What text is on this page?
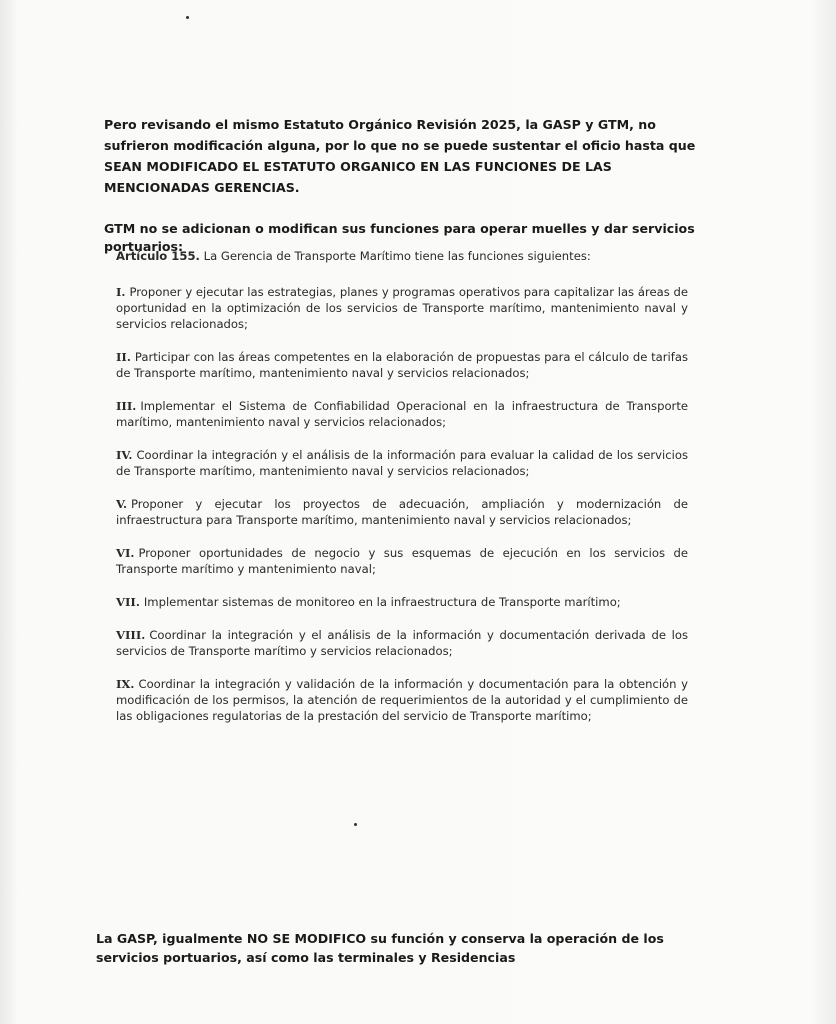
Pero revisando el mismo Estatuto Orgánico Revisión 2025, la GASP y GTM, no sufrieron modificación alguna, por lo que no se puede sustentar el oficio hasta que SEAN MODIFICADO EL ESTATUTO ORGANICO EN LAS FUNCIONES DE LAS MENCIONADAS GERENCIAS.
GTM no se adicionan o modifican sus funciones para operar muelles y dar servicios portuarios:
Artículo 155. La Gerencia de Transporte Marítimo tiene las funciones siguientes:
I. Proponer y ejecutar las estrategias, planes y programas operativos para capitalizar las áreas de oportunidad en la optimización de los servicios de Transporte marítimo, mantenimiento naval y servicios relacionados;
II. Participar con las áreas competentes en la elaboración de propuestas para el cálculo de tarifas de Transporte marítimo, mantenimiento naval y servicios relacionados;
III. Implementar el Sistema de Confiabilidad Operacional en la infraestructura de Transporte marítimo, mantenimiento naval y servicios relacionados;
IV. Coordinar la integración y el análisis de la información para evaluar la calidad de los servicios de Transporte marítimo, mantenimiento naval y servicios relacionados;
V. Proponer y ejecutar los proyectos de adecuación, ampliación y modernización de infraestructura para Transporte marítimo, mantenimiento naval y servicios relacionados;
VI. Proponer oportunidades de negocio y sus esquemas de ejecución en los servicios de Transporte marítimo y mantenimiento naval;
VII. Implementar sistemas de monitoreo en la infraestructura de Transporte marítimo;
VIII. Coordinar la integración y el análisis de la información y documentación derivada de los servicios de Transporte marítimo y servicios relacionados;
IX. Coordinar la integración y validación de la información y documentación para la obtención y modificación de los permisos, la atención de requerimientos de la autoridad y el cumplimiento de las obligaciones regulatorias de la prestación del servicio de Transporte marítimo;
La GASP, igualmente NO SE MODIFICO su función y conserva la operación de los servicios portuarios, así como las terminales y Residencias
